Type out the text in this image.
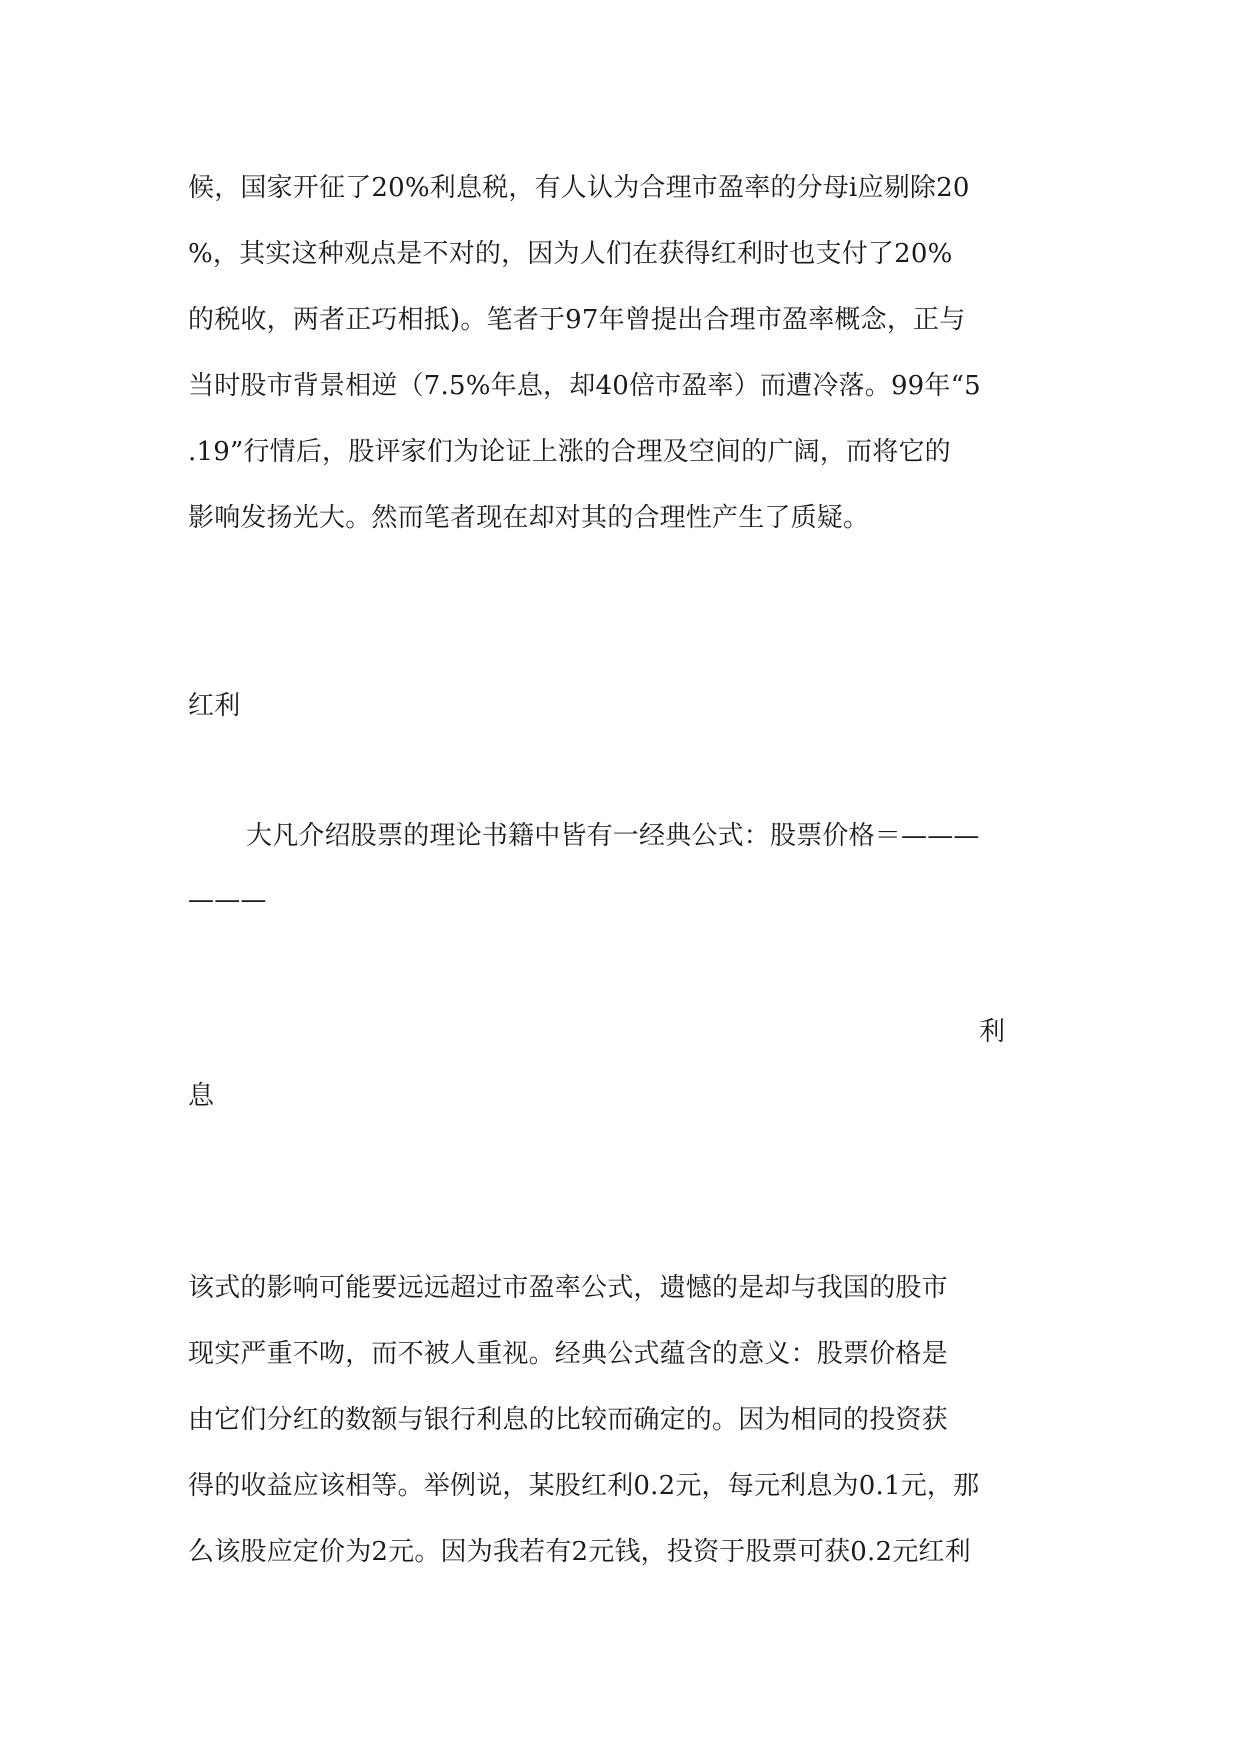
候，国家开征了20%利息税，有人认为合理市盈率的分母i应剔除20
%，其实这种观点是不对的，因为人们在获得红利时也支付了20%
的税收，两者正巧相抵)。笔者于97年曾提出合理市盈率概念，正与
当时股市背景相逆（7.5%年息，却40倍市盈率）而遭冷落。99年“5
.19”行情后，股评家们为论证上涨的合理及空间的广阔，而将它的
影响发扬光大。然而笔者现在却对其的合理性产生了质疑。
红利
大凡介绍股票的理论书籍中皆有一经典公式：股票价格＝———
———
利
息
该式的影响可能要远远超过市盈率公式，遗憾的是却与我国的股市
现实严重不吻，而不被人重视。经典公式蕴含的意义：股票价格是
由它们分红的数额与银行利息的比较而确定的。因为相同的投资获
得的收益应该相等。举例说，某股红利0.2元，每元利息为0.1元，那
么该股应定价为2元。因为我若有2元钱，投资于股票可获0.2元红利
